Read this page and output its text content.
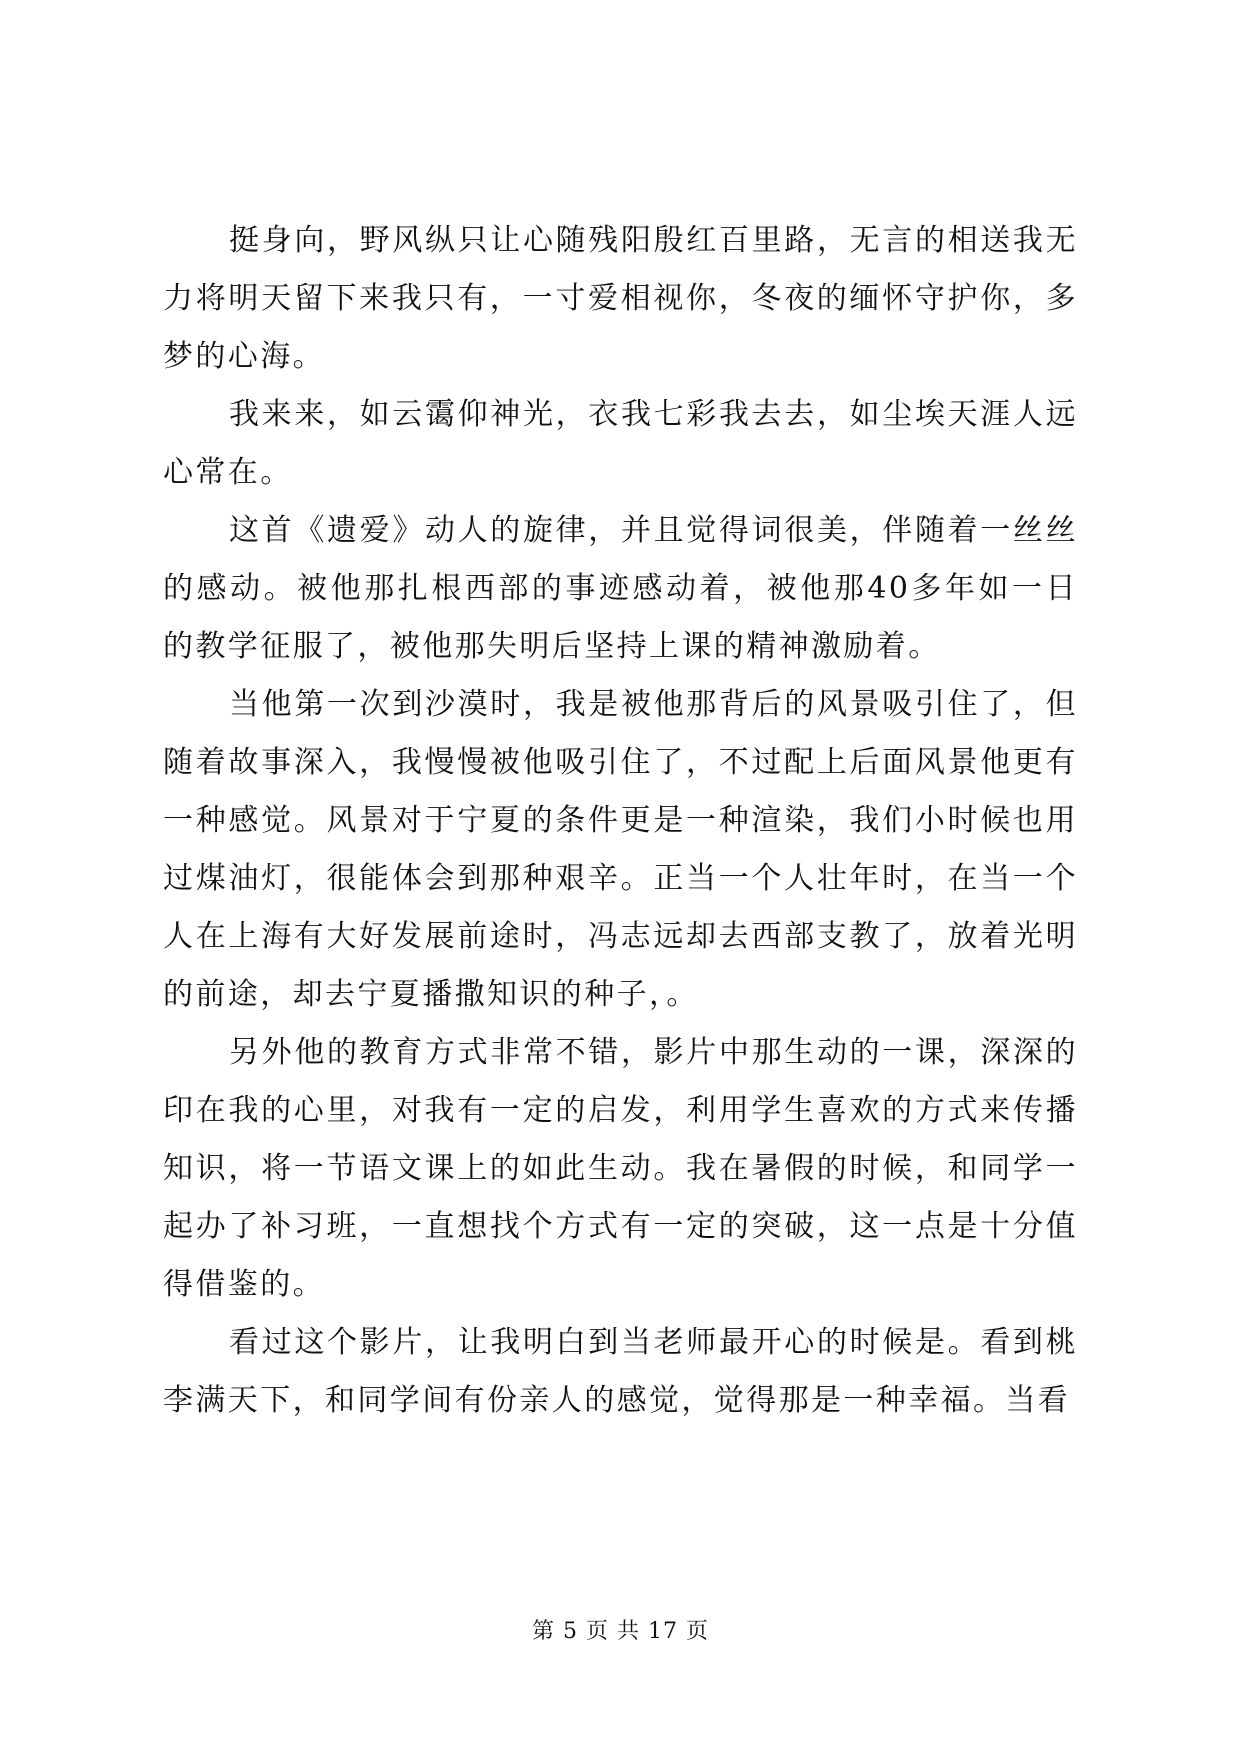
挺身向，野风纵只让心随残阳殷红百里路，无言的相送我无力将明天留下来我只有，一寸爱相视你，冬夜的缅怀守护你，多梦的心海。

我来来，如云霭仰神光，衣我七彩我去去，如尘埃天涯人远心常在。

这首《遗爱》动人的旋律，并且觉得词很美，伴随着一丝丝的感动。被他那扎根西部的事迹感动着，被他那40多年如一日的教学征服了，被他那失明后坚持上课的精神激励着。

当他第一次到沙漠时，我是被他那背后的风景吸引住了，但随着故事深入，我慢慢被他吸引住了，不过配上后面风景他更有一种感觉。风景对于宁夏的条件更是一种渲染，我们小时候也用过煤油灯，很能体会到那种艰辛。正当一个人壮年时，在当一个人在上海有大好发展前途时，冯志远却去西部支教了，放着光明的前途，却去宁夏播撒知识的种子，。

另外他的教育方式非常不错，影片中那生动的一课，深深的印在我的心里，对我有一定的启发，利用学生喜欢的方式来传播知识，将一节语文课上的如此生动。我在暑假的时候，和同学一起办了补习班，一直想找个方式有一定的突破，这一点是十分值得借鉴的。

看过这个影片，让我明白到当老师最开心的时候是。看到桃李满天下，和同学间有份亲人的感觉，觉得那是一种幸福。当看

第 5 页 共 17 页
